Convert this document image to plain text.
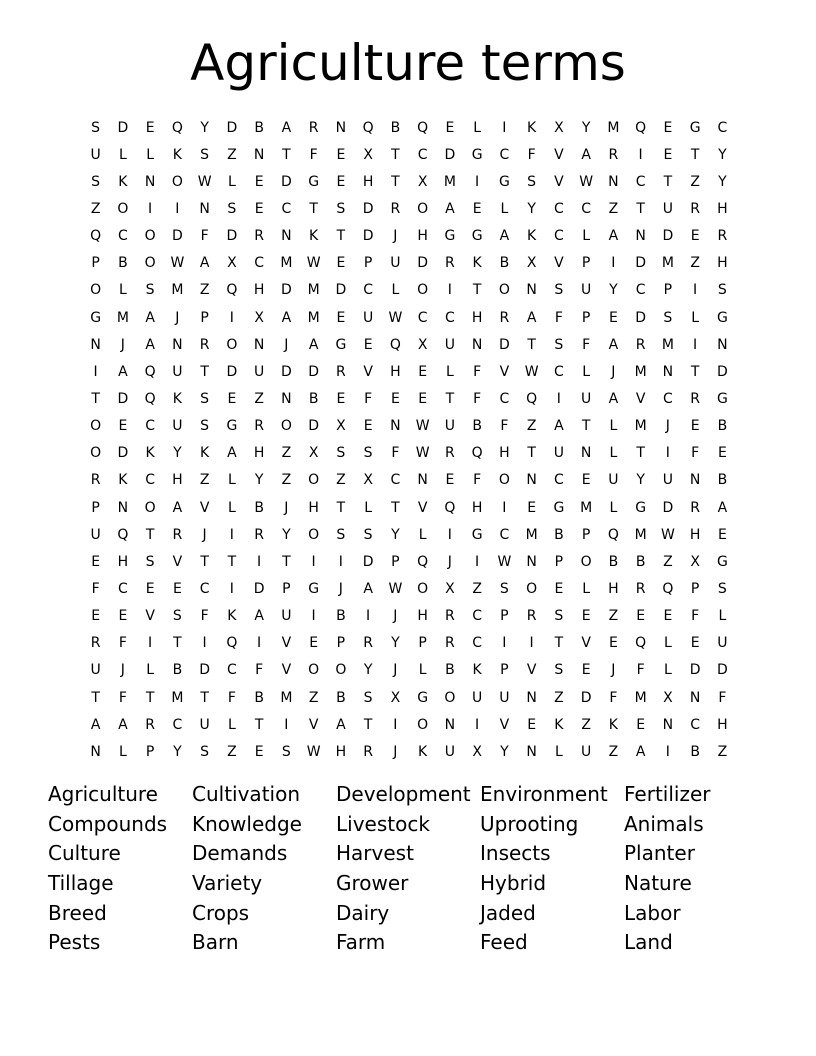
Agriculture terms
S	D	E	Q	Y	D	B	A	R	N	Q	B	Q	E	L	I	K	X	Y	M	Q	E	G	C
U	L	L	K	S	Z	N	T	F	E	X	T	C	D	G	C	F	V	A	R	I	E	T	Y
S	K	N	O	W	L	E	D	G	E	H	T	X	M	I	G	S	V	W	N	C	T	Z	Y
Z	O	I	I	N	S	E	C	T	S	D	R	O	A	E	L	Y	C	C	Z	T	U	R	H
Q	C	O	D	F	D	R	N	K	T	D	J	H	G	G	A	K	C	L	A	N	D	E	R
P	B	O	W	A	X	C	M	W	E	P	U	D	R	K	B	X	V	P	I	D	M	Z	H
O	L	S	M	Z	Q	H	D	M	D	C	L	O	I	T	O	N	S	U	Y	C	P	I	S
G	M	A	J	P	I	X	A	M	E	U	W	C	C	H	R	A	F	P	E	D	S	L	G
N	J	A	N	R	O	N	J	A	G	E	Q	X	U	N	D	T	S	F	A	R	M	I	N
I	A	Q	U	T	D	U	D	D	R	V	H	E	L	F	V	W	C	L	J	M	N	T	D
T	D	Q	K	S	E	Z	N	B	E	F	E	E	T	F	C	Q	I	U	A	V	C	R	G
O	E	C	U	S	G	R	O	D	X	E	N	W	U	B	F	Z	A	T	L	M	J	E	B
O	D	K	Y	K	A	H	Z	X	S	S	F	W	R	Q	H	T	U	N	L	T	I	F	E
R	K	C	H	Z	L	Y	Z	O	Z	X	C	N	E	F	O	N	C	E	U	Y	U	N	B
P	N	O	A	V	L	B	J	H	T	L	T	V	Q	H	I	E	G	M	L	G	D	R	A
U	Q	T	R	J	I	R	Y	O	S	S	Y	L	I	G	C	M	B	P	Q	M	W	H	E
E	H	S	V	T	T	I	T	I	I	D	P	Q	J	I	W	N	P	O	B	B	Z	X	G
F	C	E	E	C	I	D	P	G	J	A	W	O	X	Z	S	O	E	L	H	R	Q	P	S
E	E	V	S	F	K	A	U	I	B	I	J	H	R	C	P	R	S	E	Z	E	E	F	L
R	F	I	T	I	Q	I	V	E	P	R	Y	P	R	C	I	I	T	V	E	Q	L	E	U
U	J	L	B	D	C	F	V	O	O	Y	J	L	B	K	P	V	S	E	J	F	L	D	D
T	F	T	M	T	F	B	M	Z	B	S	X	G	O	U	U	N	Z	D	F	M	X	N	F
A	A	R	C	U	L	T	I	V	A	T	I	O	N	I	V	E	K	Z	K	E	N	C	H
N	L	P	Y	S	Z	E	S	W	H	R	J	K	U	X	Y	N	L	U	Z	A	I	B	Z
Agriculture	Cultivation	Development Environment Fertilizer
Compounds	Knowledge	Livestock	Uprooting	Animals
Culture	Demands	Harvest	Insects	Planter
Tillage	Variety	Grower	Hybrid	Nature
Breed	Crops	Dairy	Jaded	Labor
Pests	Barn	Farm	Feed	Land
